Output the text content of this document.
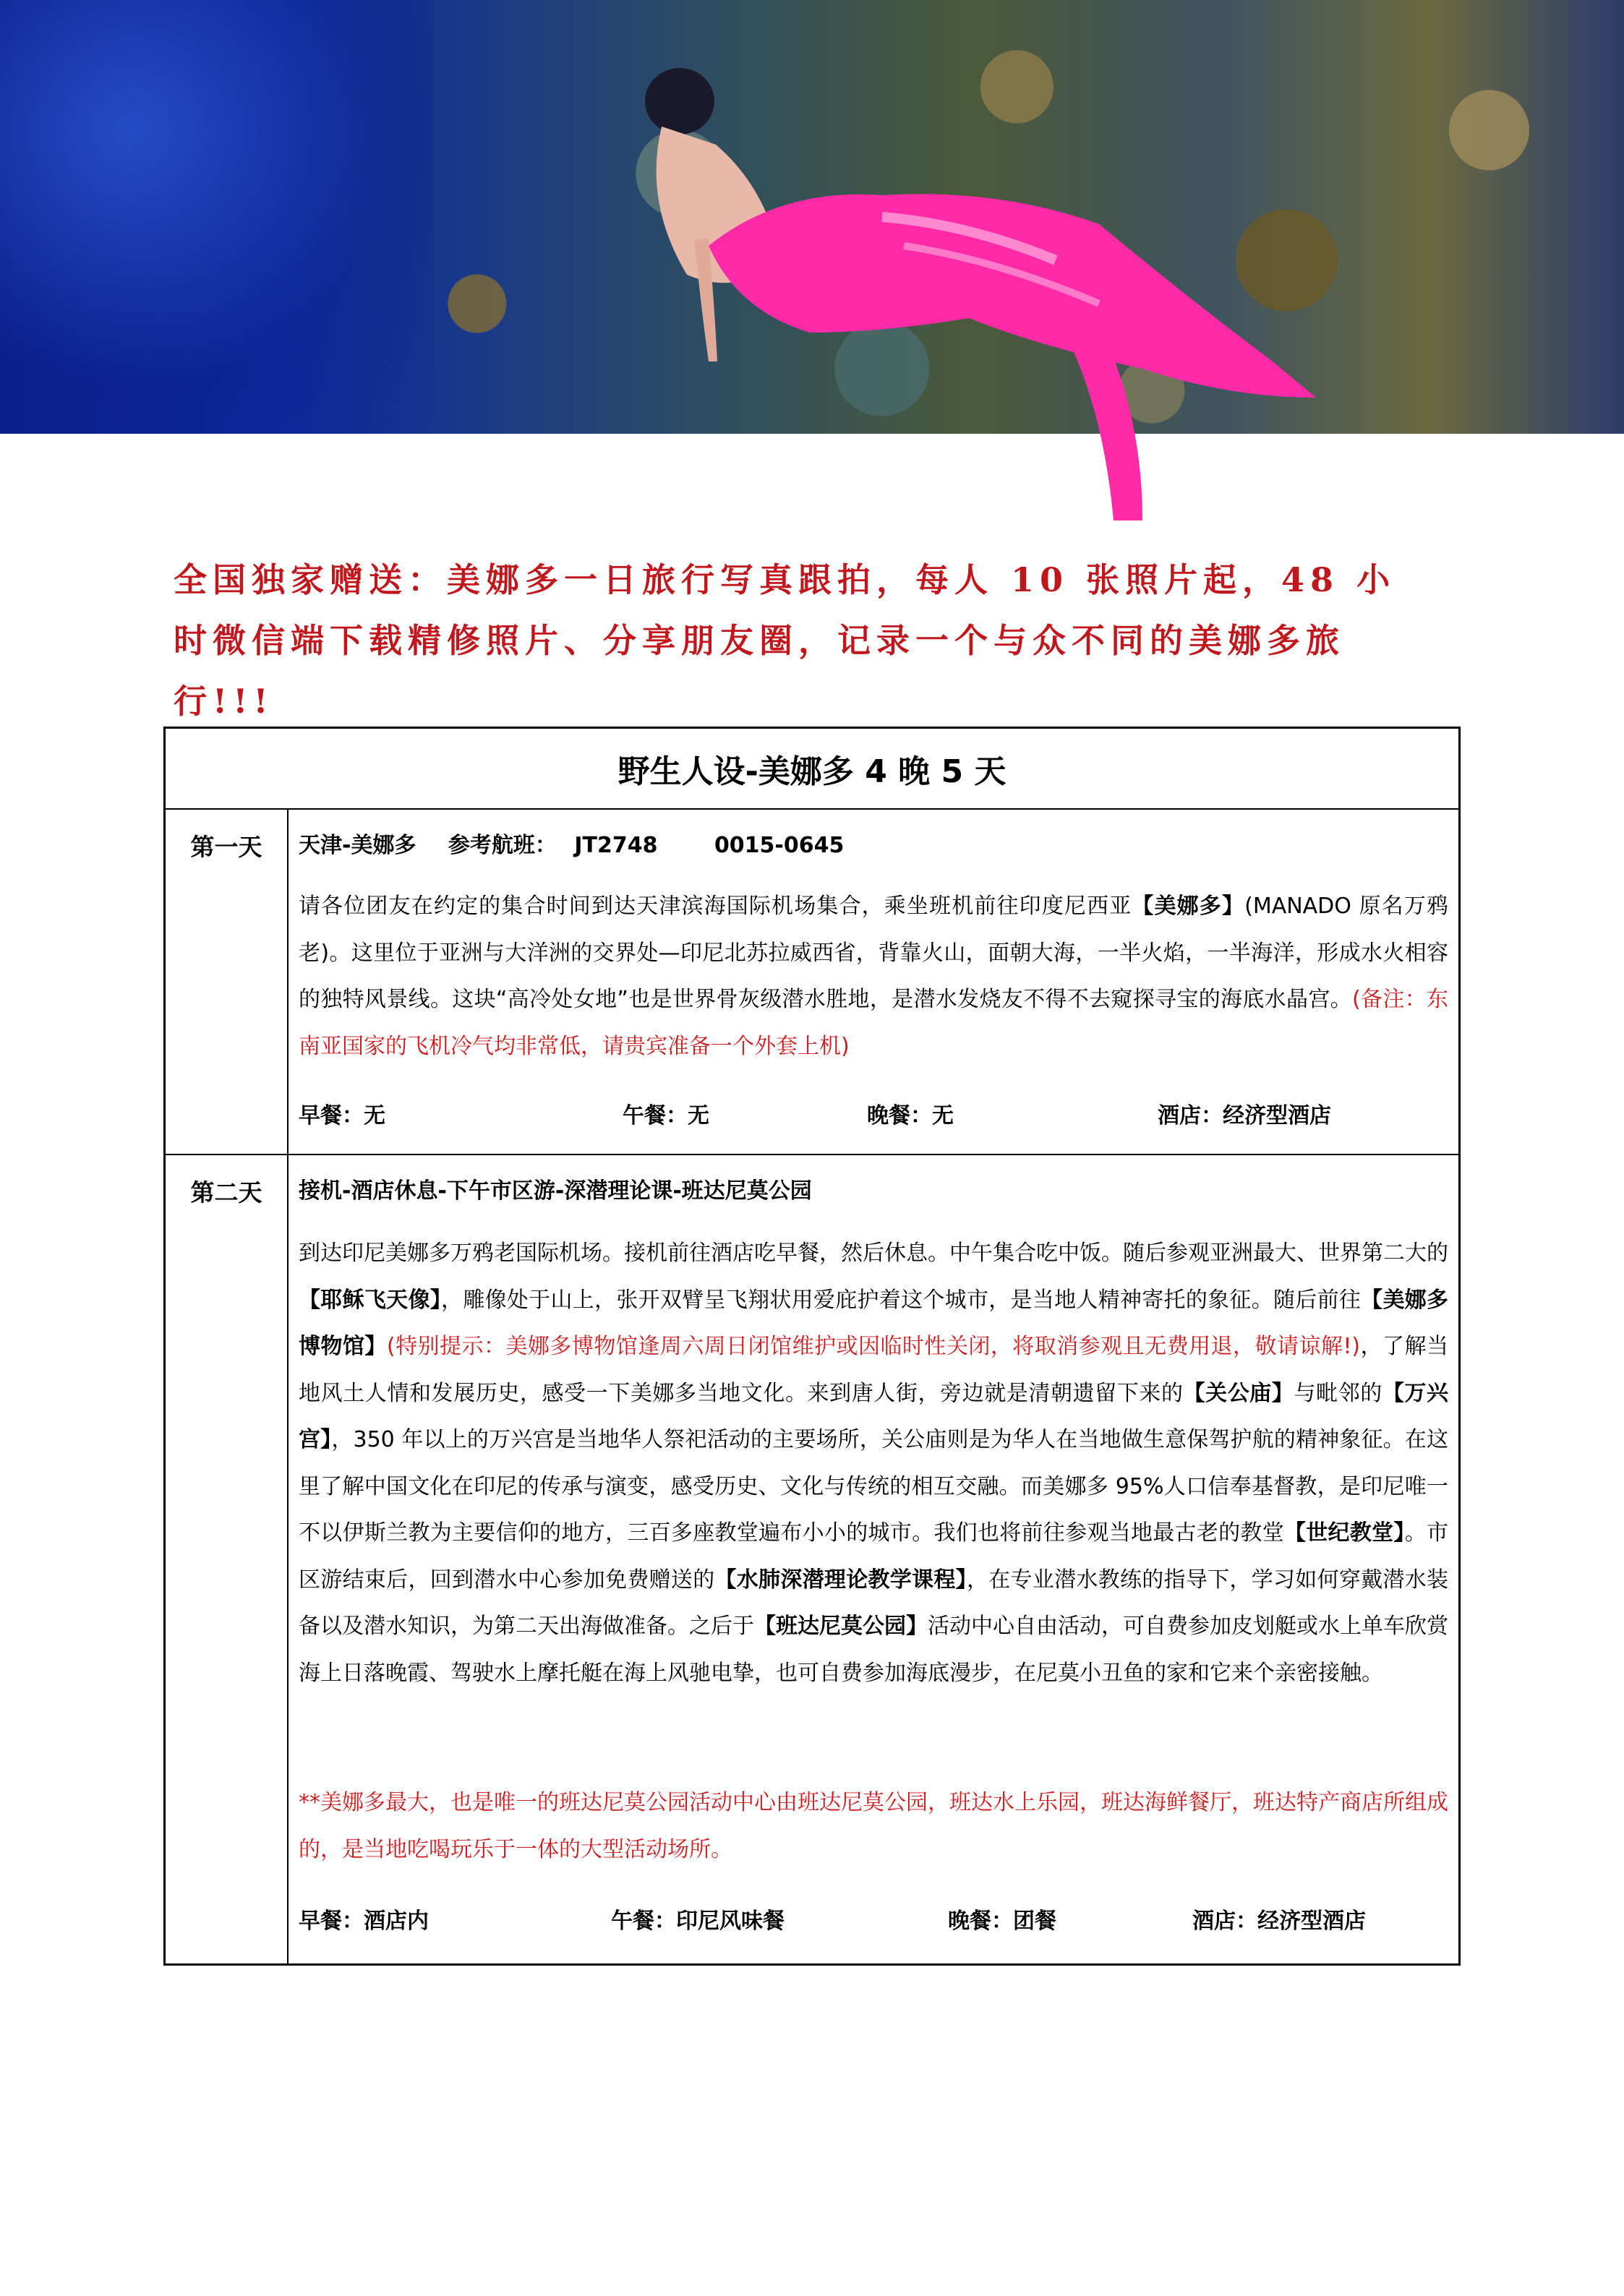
全国独家赠送：美娜多一日旅行写真跟拍，每人 10 张照片起，48 小
时微信端下载精修照片、分享朋友圈，记录一个与众不同的美娜多旅
行!!!
野生人设-美娜多 4 晚 5 天
第一天	天津-美娜多 参考航班： JT2748	0015-0645
请各位团友在约定的集合时间到达天津滨海国际机场集合，乘坐班机前往印度尼西亚【美娜多】(MANADO 原名万鸦老)。这里位于亚洲与大洋洲的交界处—印尼北苏拉威西省，背靠火山，面朝大海，一半火焰，一半海洋，形成水火相容的独特风景线。这块“高冷处女地”也是世界骨灰级潜水胜地，是潜水发烧友不得不去窥探寻宝的海底水晶宫。(备注：东南亚国家的飞机冷气均非常低，请贵宾准备一个外套上机)
早餐：无	午餐：无	晚餐：无	酒店：经济型酒店
第二天	接机-酒店休息-下午市区游-深潜理论课-班达尼莫公园
到达印尼美娜多万鸦老国际机场。接机前往酒店吃早餐，然后休息。中午集合吃中饭。随后参观亚洲最大、世界第二大的【耶稣飞天像】，雕像处于山上，张开双臂呈飞翔状用爱庇护着这个城市，是当地人精神寄托的象征。随后前往【美娜多博物馆】(特别提示：美娜多博物馆逢周六周日闭馆维护或因临时性关闭，将取消参观且无费用退，敬请谅解!)，了解当地风土人情和发展历史，感受一下美娜多当地文化。来到唐人街，旁边就是清朝遗留下来的【关公庙】与毗邻的【万兴宫】，350 年以上的万兴宫是当地华人祭祀活动的主要场所，关公庙则是为华人在当地做生意保驾护航的精神象征。在这里了解中国文化在印尼的传承与演变，感受历史、文化与传统的相互交融。而美娜多 95%人口信奉基督教，是印尼唯一不以伊斯兰教为主要信仰的地方，三百多座教堂遍布小小的城市。我们也将前往参观当地最古老的教堂【世纪教堂】。市区游结束后，回到潜水中心参加免费赠送的【水肺深潜理论教学课程】，在专业潜水教练的指导下，学习如何穿戴潜水装备以及潜水知识，为第二天出海做准备。之后于【班达尼莫公园】活动中心自由活动，可自费参加皮划艇或水上单车欣赏海上日落晚霞、驾驶水上摩托艇在海上风驰电挚，也可自费参加海底漫步，在尼莫小丑鱼的家和它来个亲密接触。
**美娜多最大，也是唯一的班达尼莫公园活动中心由班达尼莫公园，班达水上乐园，班达海鲜餐厅，班达特产商店所组成的，是当地吃喝玩乐于一体的大型活动场所。
早餐：酒店内	午餐：印尼风味餐	晚餐：团餐	酒店：经济型酒店
